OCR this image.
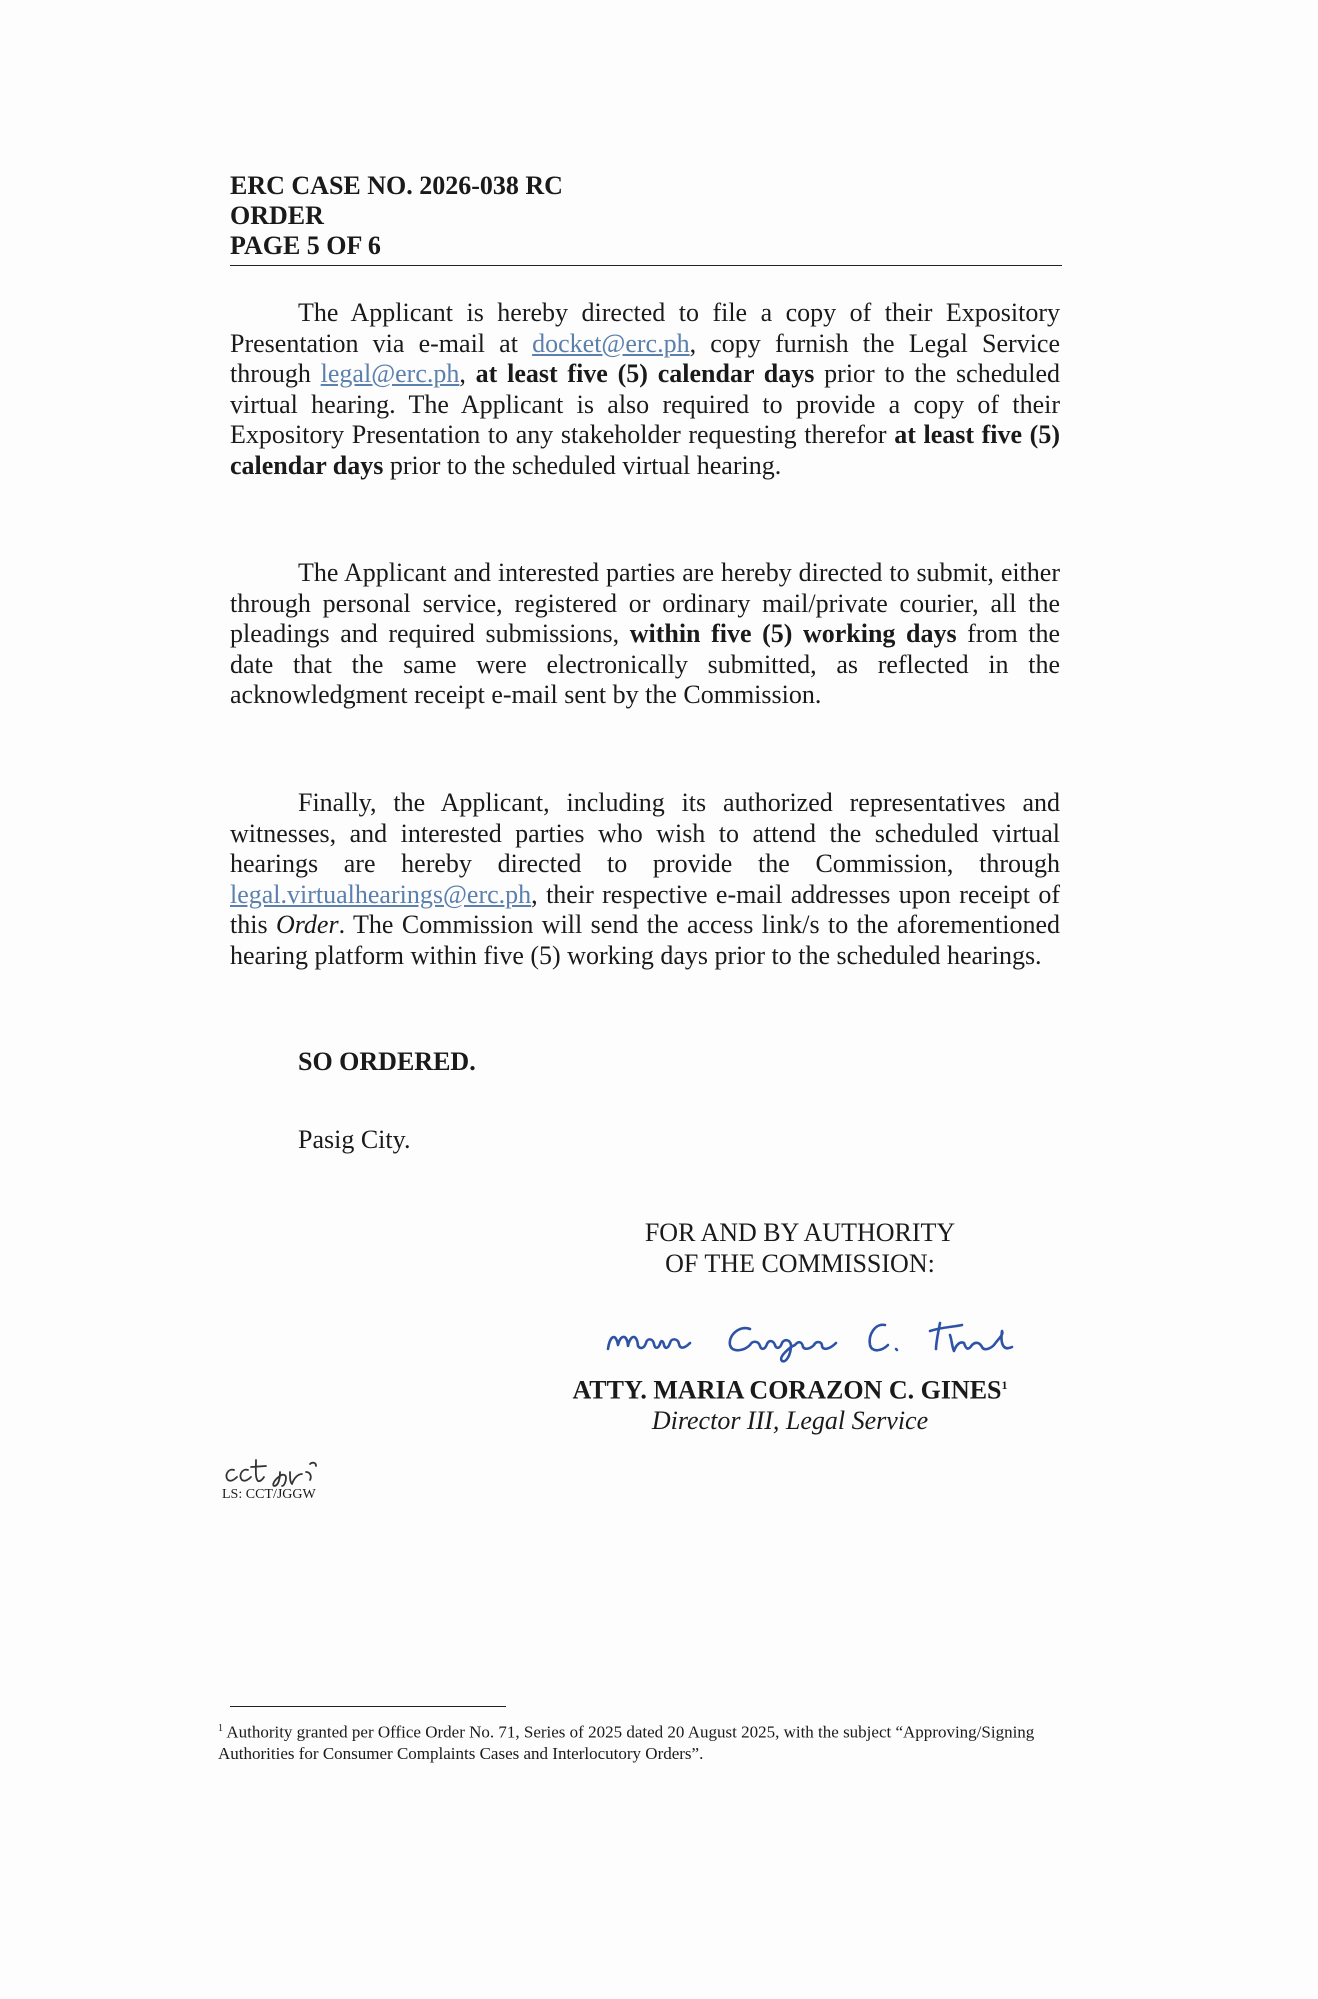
ERC CASE NO. 2026-038 RC
ORDER
PAGE 5 OF 6

The Applicant is hereby directed to file a copy of their Expository Presentation via e-mail at docket@erc.ph, copy furnish the Legal Service through legal@erc.ph, at least five (5) calendar days prior to the scheduled virtual hearing. The Applicant is also required to provide a copy of their Expository Presentation to any stakeholder requesting therefor at least five (5) calendar days prior to the scheduled virtual hearing.

The Applicant and interested parties are hereby directed to submit, either through personal service, registered or ordinary mail/private courier, all the pleadings and required submissions, within five (5) working days from the date that the same were electronically submitted, as reflected in the acknowledgment receipt e-mail sent by the Commission.

Finally, the Applicant, including its authorized representatives and witnesses, and interested parties who wish to attend the scheduled virtual hearings are hereby directed to provide the Commission, through legal.virtualhearings@erc.ph, their respective e-mail addresses upon receipt of this Order. The Commission will send the access link/s to the aforementioned hearing platform within five (5) working days prior to the scheduled hearings.

SO ORDERED.
Pasig City.
FOR AND BY AUTHORITY
OF THE COMMISSION:
ATTY. MARIA CORAZON C. GINES$^1$
Director III, Legal Service
LS: CCT/JGGW

$^1$ Authority granted per Office Order No. 71, Series of 2025 dated 20 August 2025, with the subject “Approving/Signing Authorities for Consumer Complaints Cases and Interlocutory Orders”.
